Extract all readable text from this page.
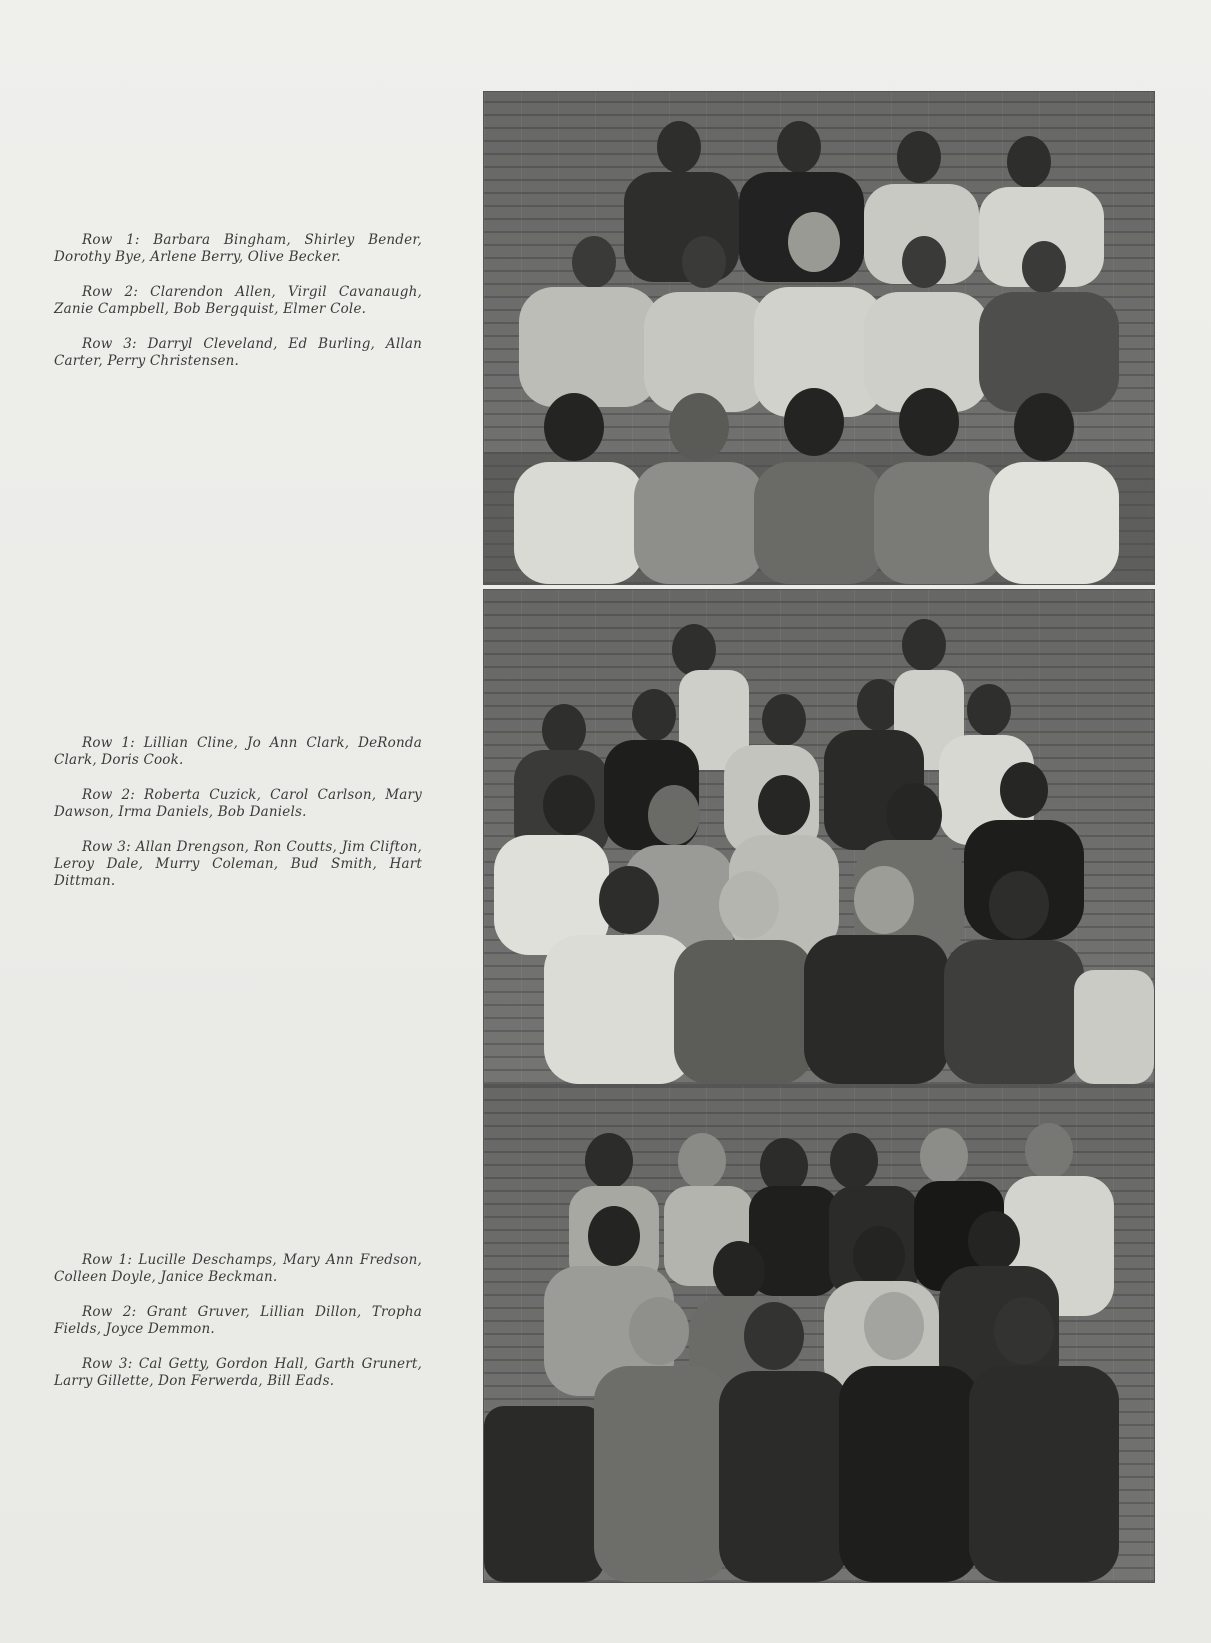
Row 1: Barbara Bingham, Shirley Bender, Dorothy Bye, Arlene Berry, Olive Becker.

Row 2: Clarendon Allen, Virgil Cavanaugh, Zanie Campbell, Bob Bergquist, Elmer Cole.

Row 3: Darryl Cleveland, Ed Burling, Allan Carter, Perry Christensen.

Row 1: Lillian Cline, Jo Ann Clark, DeRonda Clark, Doris Cook.

Row 2: Roberta Cuzick, Carol Carlson, Mary Dawson, Irma Daniels, Bob Daniels.

Row 3: Allan Drengson, Ron Coutts, Jim Clifton, Leroy Dale, Murry Coleman, Bud Smith, Hart Dittman.

Row 1: Lucille Deschamps, Mary Ann Fredson, Colleen Doyle, Janice Beckman.

Row 2: Grant Gruver, Lillian Dillon, Tropha Fields, Joyce Demmon.

Row 3: Cal Getty, Gordon Hall, Garth Grunert, Larry Gillette, Don Ferwerda, Bill Eads.
